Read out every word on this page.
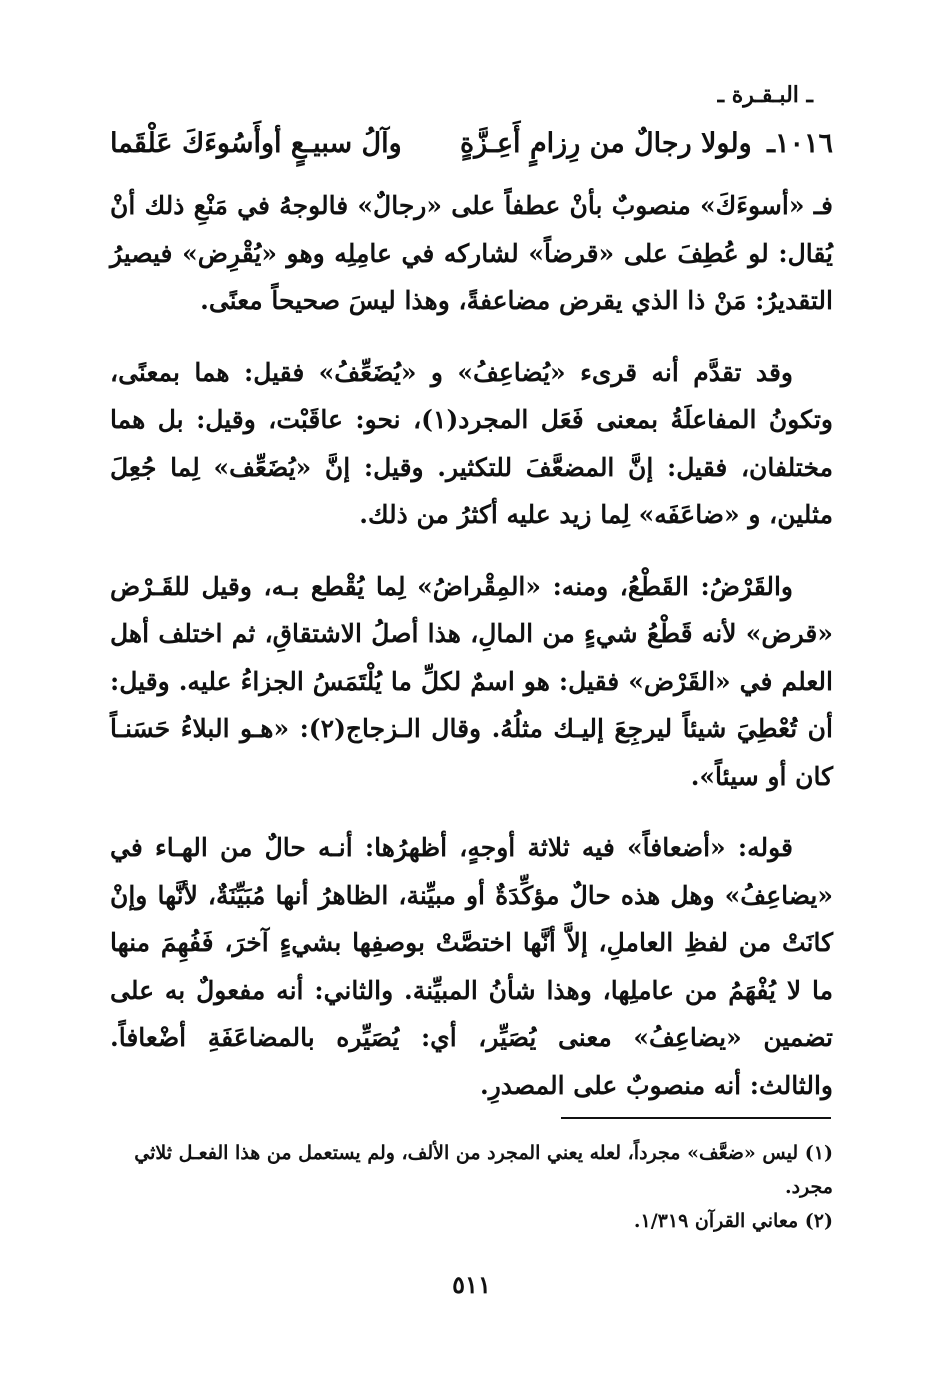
ـ البـقـرة ـ
١٠١٦ـ ولولا رجالٌ من رِزامٍ أَعِـزَّةٍ
وآلُ سبيـعٍ أوأَسُوءَكَ عَلْقَما

فـ «أسوءَكَ» منصوبٌ بأنْ عطفاً على «رجالٌ» فالوجهُ في مَنْعِ ذلك أنْ يُقال: لو عُطِفَ على «قرضاً» لشاركه في عامِلِه وهو «يُقْرِض» فيصيرُ التقديرُ: مَنْ ذا الذي يقرض مضاعفةً، وهذا ليسَ صحيحاً معنًى.

وقد تقدَّم أنه قرىء «يُضاعِفُ» و «يُضَعِّفُ» فقيل: هما بمعنًى، وتكونُ المفاعلَةُ بمعنى فَعَل المجرد(١)، نحو: عاقَبْت، وقيل: بل هما مختلفان، فقيل: إنَّ المضعَّفَ للتكثير. وقيل: إنَّ «يُضَعِّف» لِما جُعِلَ مثلين، و «ضاعَفَه» لِما زيد عليه أكثرُ من ذلك.

والقَرْضُ: القَطْعُ، ومنه: «المِقْراضُ» لِما يُقْطع بـه، وقيل للقَـرْض «قرض» لأنه قَطْعُ شيءٍ من المالِ، هذا أصلُ الاشتقاقِ، ثم اختلف أهل العلم في «القَرْض» فقيل: هو اسمٌ لكلِّ ما يُلْتَمَسُ الجزاءُ عليه. وقيل: أن تُعْطِيَ شيئاً ليرجِعَ إليـك مثلُهُ. وقال الـزجاج(٢): «هـو البلاءُ حَسَنـاً كان أو سيئاً».

قوله: «أضعافاً» فيه ثلاثة أوجهٍ، أظهرُها: أنـه حالٌ من الهـاء في «يضاعِفُ» وهل هذه حالٌ مؤكِّدَةٌ أو مبيِّنة، الظاهرُ أنها مُبَيِّنَةٌ، لأنَّها وإنْ كانَتْ من لفظِ العاملِ، إلاَّ أنَّها اختصَّتْ بوصفِها بشيءٍ آخرَ، فَفُهِمَ منها ما لا يُفْهَمُ من عاملِها، وهذا شأنُ المبيِّنة. والثاني: أنه مفعولٌ به على تضمين «يضاعِفُ» معنى يُصَيِّر، أي: يُصَيِّره بالمضاعَفَةِ أضْعافاً. والثالث: أنه منصوبٌ على المصدرِ.

(١) ليس «ضعَّف» مجرداً، لعله يعني المجرد من الألف، ولم يستعمل من هذا الفعـل ثلاثي مجرد.

(٢) معاني القرآن ١/٣١٩.

٥١١
